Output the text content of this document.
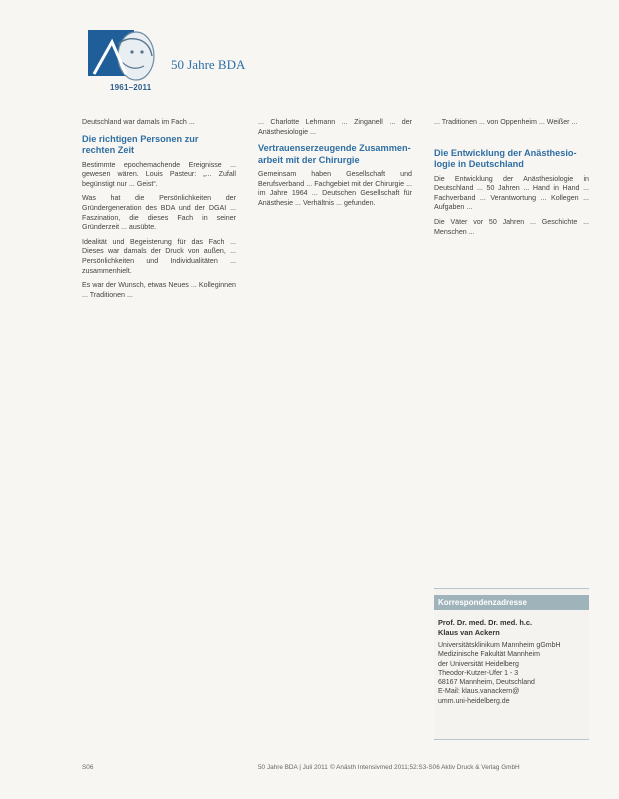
50 Jahre BDA
1961–2011

Deutschland war damals im Fach ...

Die richtigen Personen zur
rechten Zeit

Bestimmte epochemachende Ereignisse ... gewesen wären. Louis Pasteur: „... Zufall begünstigt nur ... Geist“.

Was hat die Persönlichkeiten der Gründergeneration des BDA und der DGAI ... Faszination, die dieses Fach in seiner Gründerzeit ... ausübte.

Idealität und Begeisterung für das Fach ... Dieses war damals der Druck von außen, ... Persönlichkeiten und Individualitäten ... zusammenhielt.

Es war der Wunsch, etwas Neues ... Kolleginnen ... Traditionen ...

... Charlotte Lehmann ... Zinganell ... der Anästhesiologie ...

Vertrauenserzeugende Zusammen-
arbeit mit der Chirurgie

Gemeinsam haben Gesellschaft und Berufsverband ... Fachgebiet mit der Chirurgie ... im Jahre 1964 ... Deutschen Gesellschaft für Anästhesie ... Verhältnis ... gefunden.

... Traditionen ... von Oppenheim ... Weißer ...

Die Entwicklung der Anästhesio-
logie in Deutschland

Die Entwicklung der Anästhesiologie in Deutschland ... 50 Jahren ... Hand in Hand ... Fachverband ... Verantwortung ... Kollegen ... Aufgaben ...

Die Väter vor 50 Jahren ... Geschichte ... Menschen ...

Korrespondenzadresse
Prof. Dr. med. Dr. med. h.c.
Klaus van Ackern
Universitätsklinikum Mannheim gGmbH
Medizinische Fakultät Mannheim
der Universität Heidelberg
Theodor-Kutzer-Ufer 1 - 3
68167 Mannheim, Deutschland
E-Mail: klaus.vanackern@
umm.uni-heidelberg.de
S06	50 Jahre BDA | Juli 2011 © Anästh Intensivmed 2011;52:S3-S06 Aktiv Druck & Verlag GmbH
